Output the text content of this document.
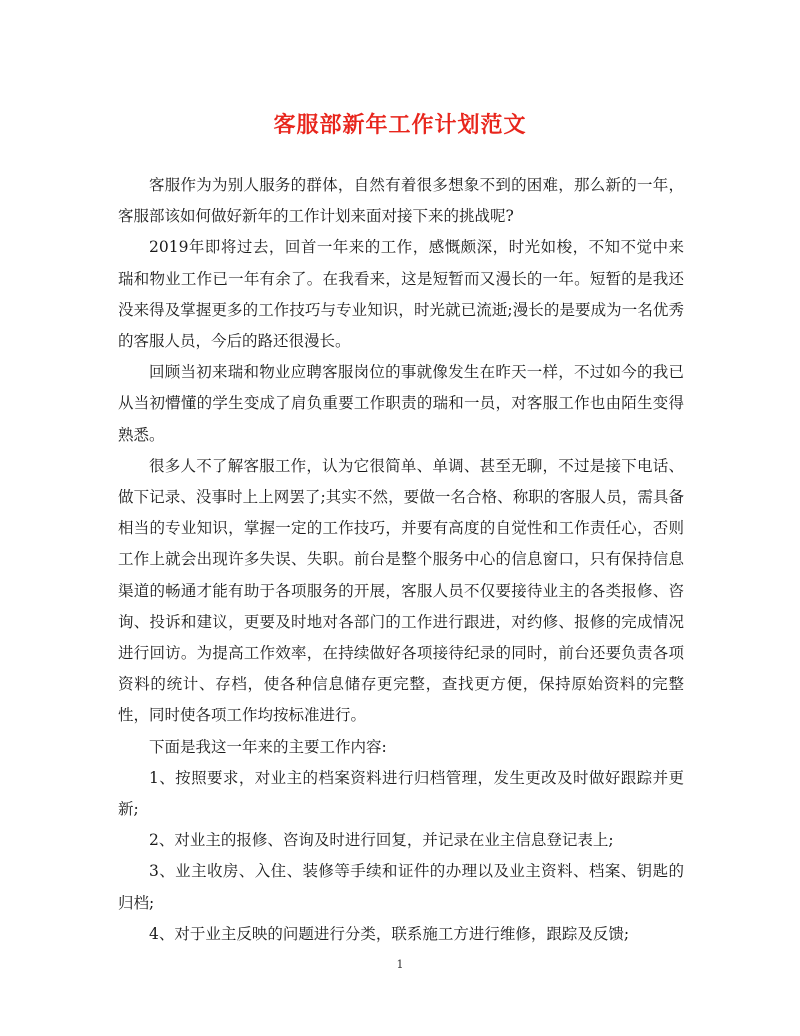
客服部新年工作计划范文

客服作为为别人服务的群体，自然有着很多想象不到的困难，那么新的一年，客服部该如何做好新年的工作计划来面对接下来的挑战呢?

2019年即将过去，回首一年来的工作，感慨颇深，时光如梭，不知不觉中来瑞和物业工作已一年有余了。在我看来，这是短暂而又漫长的一年。短暂的是我还没来得及掌握更多的工作技巧与专业知识，时光就已流逝;漫长的是要成为一名优秀的客服人员，今后的路还很漫长。

回顾当初来瑞和物业应聘客服岗位的事就像发生在昨天一样，不过如今的我已从当初懵懂的学生变成了肩负重要工作职责的瑞和一员，对客服工作也由陌生变得熟悉。

很多人不了解客服工作，认为它很简单、单调、甚至无聊，不过是接下电话、做下记录、没事时上上网罢了;其实不然，要做一名合格、称职的客服人员，需具备相当的专业知识，掌握一定的工作技巧，并要有高度的自觉性和工作责任心，否则工作上就会出现许多失误、失职。前台是整个服务中心的信息窗口，只有保持信息渠道的畅通才能有助于各项服务的开展，客服人员不仅要接待业主的各类报修、咨询、投诉和建议，更要及时地对各部门的工作进行跟进，对约修、报修的完成情况进行回访。为提高工作效率，在持续做好各项接待纪录的同时，前台还要负责各项资料的统计、存档，使各种信息储存更完整，查找更方便，保持原始资料的完整性，同时使各项工作均按标准进行。

下面是我这一年来的主要工作内容:

1、按照要求，对业主的档案资料进行归档管理，发生更改及时做好跟踪并更新;

2、对业主的报修、咨询及时进行回复，并记录在业主信息登记表上;

3、业主收房、入住、装修等手续和证件的办理以及业主资料、档案、钥匙的归档;

4、对于业主反映的问题进行分类，联系施工方进行维修，跟踪及反馈;

1
